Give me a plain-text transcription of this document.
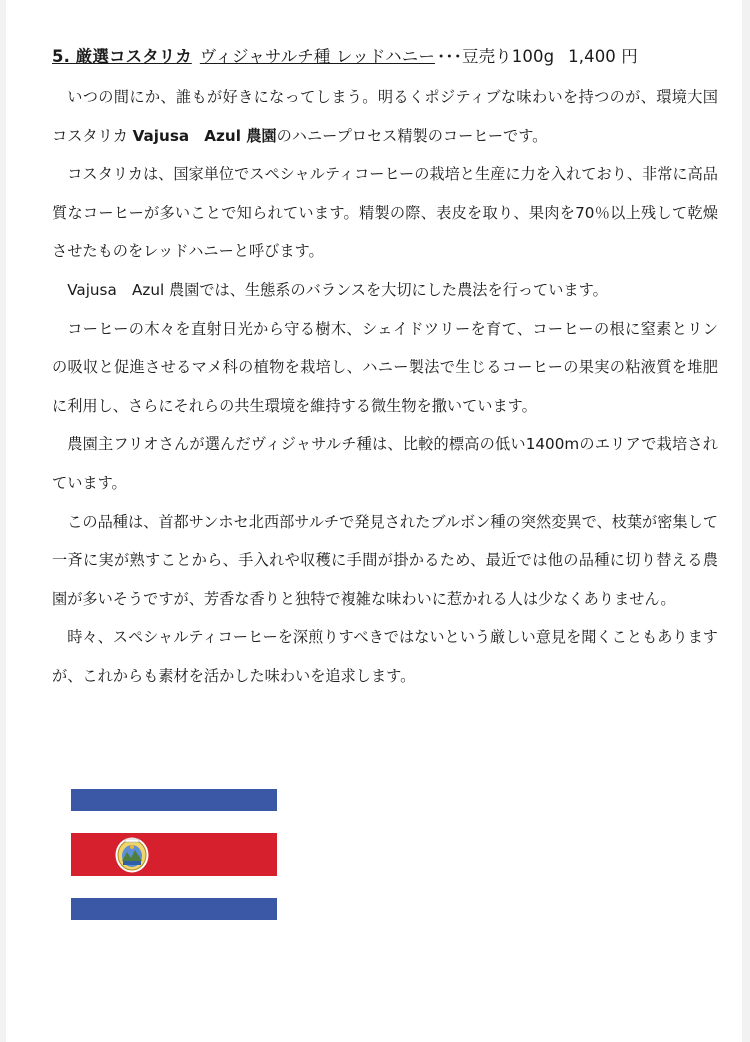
5. 厳選コスタリカ ヴィジャサルチ種 レッドハニー ･･･豆売り100g 1,400 円

いつの間にか、誰もが好きになってしまう。明るくポジティブな味わいを持つのが、環境大国コスタリカ Vajusa　Azul 農園のハニープロセス精製のコーヒーです。

コスタリカは、国家単位でスペシャルティコーヒーの栽培と生産に力を入れており、非常に高品質なコーヒーが多いことで知られています。精製の際、表皮を取り、果肉を70％以上残して乾燥させたものをレッドハニーと呼びます。

Vajusa　Azul 農園では、生態系のバランスを大切にした農法を行っています。

コーヒーの木々を直射日光から守る樹木、シェイドツリーを育て、コーヒーの根に窒素とリンの吸収と促進させるマメ科の植物を栽培し、ハニー製法で生じるコーヒーの果実の粘液質を堆肥に利用し、さらにそれらの共生環境を維持する微生物を撒いています。

農園主フリオさんが選んだヴィジャサルチ種は、比較的標高の低い1400mのエリアで栽培されています。

この品種は、首都サンホセ北西部サルチで発見されたブルボン種の突然変異で、枝葉が密集して一斉に実が熟すことから、手入れや収穫に手間が掛かるため、最近では他の品種に切り替える農園が多いそうですが、芳香な香りと独特で複雑な味わいに惹かれる人は少なくありません。

時々、スペシャルティコーヒーを深煎りすべきではないという厳しい意見を聞くこともありますが、これからも素材を活かした味わいを追求します。
